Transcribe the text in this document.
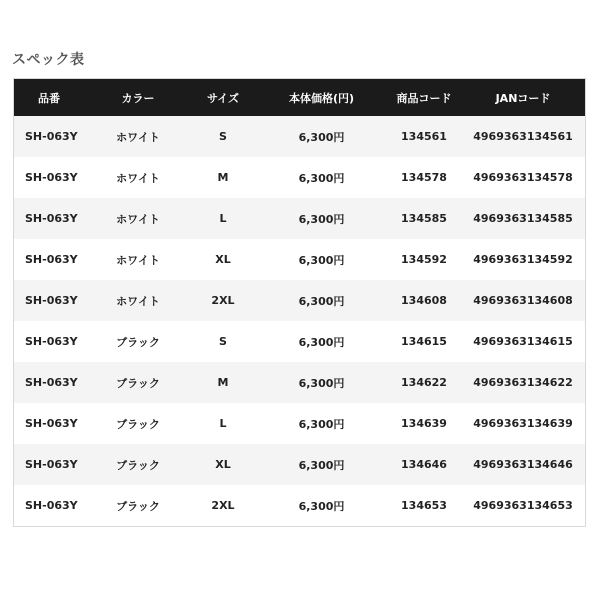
スペック表
品番	カラー	サイズ	本体価格(円)	商品コード	JANコード
SH-063Y	ホワイト	S	6,300円	134561	4969363134561
SH-063Y	ホワイト	M	6,300円	134578	4969363134578
SH-063Y	ホワイト	L	6,300円	134585	4969363134585
SH-063Y	ホワイト	XL	6,300円	134592	4969363134592
SH-063Y	ホワイト	2XL	6,300円	134608	4969363134608
SH-063Y	ブラック	S	6,300円	134615	4969363134615
SH-063Y	ブラック	M	6,300円	134622	4969363134622
SH-063Y	ブラック	L	6,300円	134639	4969363134639
SH-063Y	ブラック	XL	6,300円	134646	4969363134646
SH-063Y	ブラック	2XL	6,300円	134653	4969363134653
